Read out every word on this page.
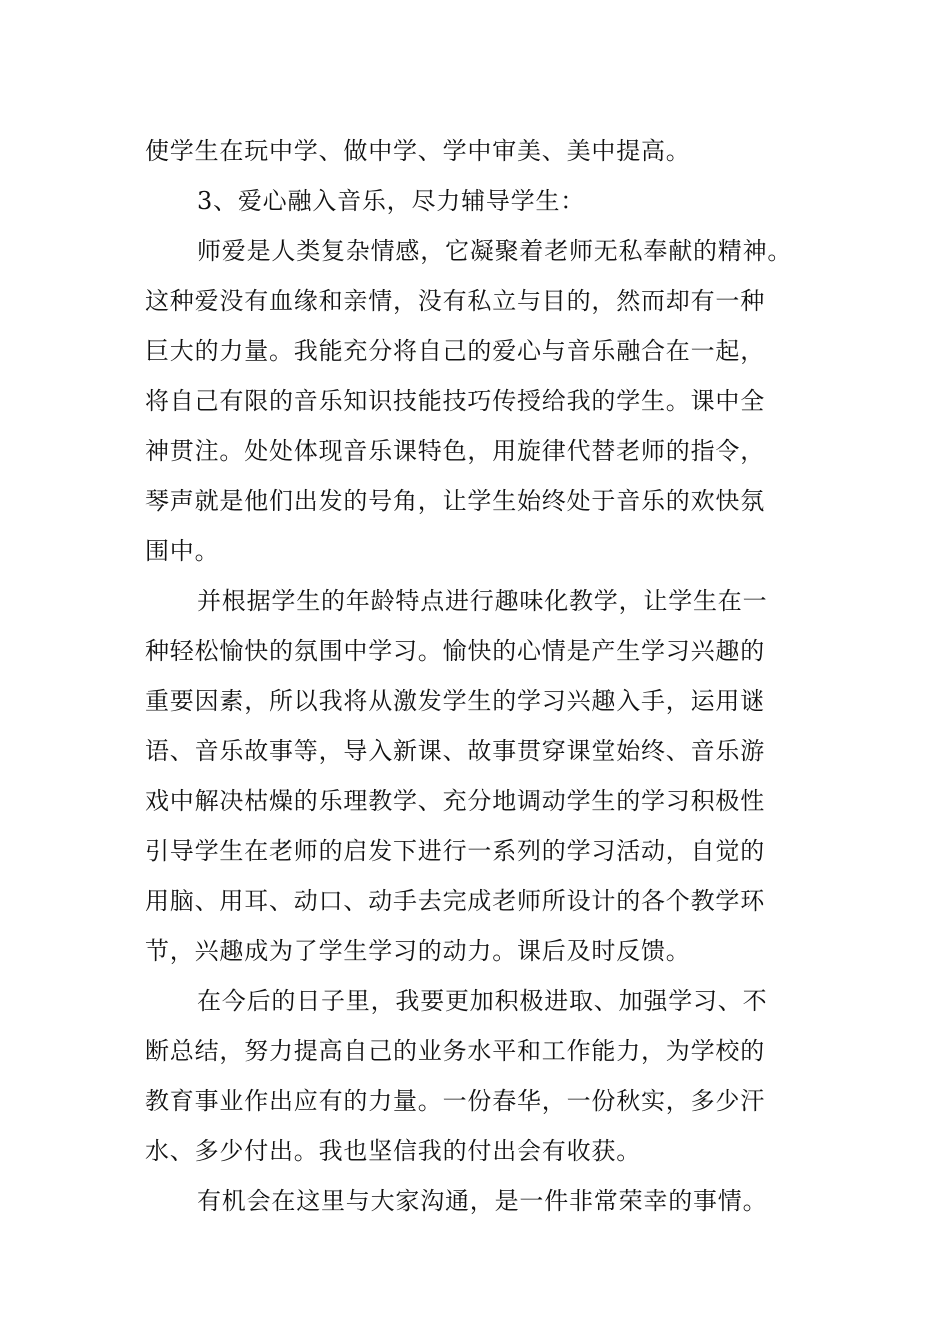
使学生在玩中学、做中学、学中审美、美中提高。
3、爱心融入音乐，尽力辅导学生：
师爱是人类复杂情感，它凝聚着老师无私奉献的精神。
这种爱没有血缘和亲情，没有私立与目的，然而却有一种
巨大的力量。我能充分将自己的爱心与音乐融合在一起，
将自己有限的音乐知识技能技巧传授给我的学生。课中全
神贯注。处处体现音乐课特色，用旋律代替老师的指令，
琴声就是他们出发的号角，让学生始终处于音乐的欢快氛
围中。
并根据学生的年龄特点进行趣味化教学，让学生在一
种轻松愉快的氛围中学习。愉快的心情是产生学习兴趣的
重要因素，所以我将从激发学生的学习兴趣入手，运用谜
语、音乐故事等，导入新课、故事贯穿课堂始终、音乐游
戏中解决枯燥的乐理教学、充分地调动学生的学习积极性
引导学生在老师的启发下进行一系列的学习活动，自觉的
用脑、用耳、动口、动手去完成老师所设计的各个教学环
节，兴趣成为了学生学习的动力。课后及时反馈。
在今后的日子里，我要更加积极进取、加强学习、不
断总结，努力提高自己的业务水平和工作能力，为学校的
教育事业作出应有的力量。一份春华，一份秋实，多少汗
水、多少付出。我也坚信我的付出会有收获。
有机会在这里与大家沟通，是一件非常荣幸的事情。
